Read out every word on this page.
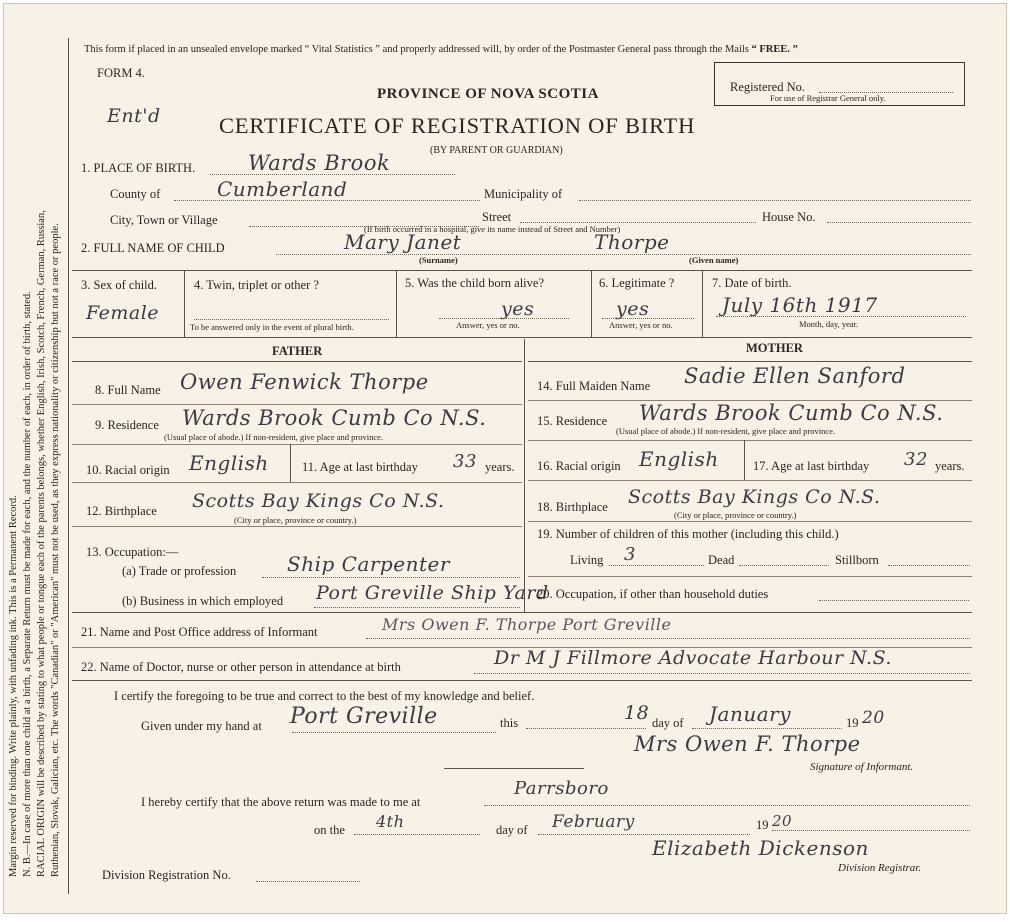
Margin reserved for binding. Write plainly, with unfading ink. This is a Permanent Record. N. B.—In case of more than one child at a birth, a Separate Return must be made for each, and the number of each, in order of birth, stated. RACIAL ORIGIN will be described by stating to what people or tongue each of the parents belongs, whether English, Irish, Scotch, French, German, Russian, Ruthenian, Slovak, Galician, etc. The words "Canadian" or "American" must not be used, as they express nationality or citizenship but not a race or people.
This form if placed in an unsealed envelope marked “ Vital Statistics ” and properly addressed will, by order of the Postmaster General pass through the Mails “ FREE. ”
FORM 4.
PROVINCE OF NOVA SCOTIA	Registered No.
For use of Registrar General only.
Ent'd	CERTIFICATE OF REGISTRATION OF BIRTH
(BY PARENT OR GUARDIAN)
1. PLACE OF BIRTH.	Wards Brook
County of	Cumberland	Municipality of
City, Town or Village	Street	House No.
(If birth occurred in a hospital, give its name instead of Street and Number)
2. FULL NAME OF CHILD	Mary Janet	Thorpe
(Surname)	(Given name)
3. Sex of child.
Female
4. Twin, triplet or other ?
To be answered only in the event of plural birth.
5. Was the child born alive?
yes
Answer, yes or no.
6. Legitimate ?
yes
Answer, yes or no.
7. Date of birth.
July 16th 1917
Month, day, year.
FATHER	MOTHER
8. Full Name Owen Fenwick Thorpe
9. Residence Wards Brook Cumb Co N.S.
(Usual place of abode.) If non-resident, give place and province.
10. Racial origin English	11. Age at last birthday 33 years.
12. Birthplace Scotts Bay Kings Co N.S.
(City or place, province or country.)
13. Occupation:—
(a) Trade or profession	Ship Carpenter
(b) Business in which employed Port Greville Ship Yard
14. Full Maiden Name Sadie Ellen Sanford
15. Residence Wards Brook Cumb Co N.S.
(Usual place of abode.) If non-resident, give place and province.
16. Racial origin English	17. Age at last birthday 32 years.
18. Birthplace Scotts Bay Kings Co N.S.
(City or place, province or country.)
19. Number of children of this mother (including this child.)
Living 3	Dead	Stillborn
20. Occupation, if other than household duties
21. Name and Post Office address of Informant	Mrs Owen F. Thorpe Port Greville
22. Name of Doctor, nurse or other person in attendance at birth	Dr M J Fillmore Advocate Harbour N.S.
I certify the foregoing to be true and correct to the best of my knowledge and belief.
Given under my hand at Port Greville	this	18 day of January	19 20
Mrs Owen F. Thorpe
Signature of Informant.
I hereby certify that the above return was made to me at
Parrsboro
on the 4th	day of February	19 20
Elizabeth Dickenson
Division Registrar.
Division Registration No.
